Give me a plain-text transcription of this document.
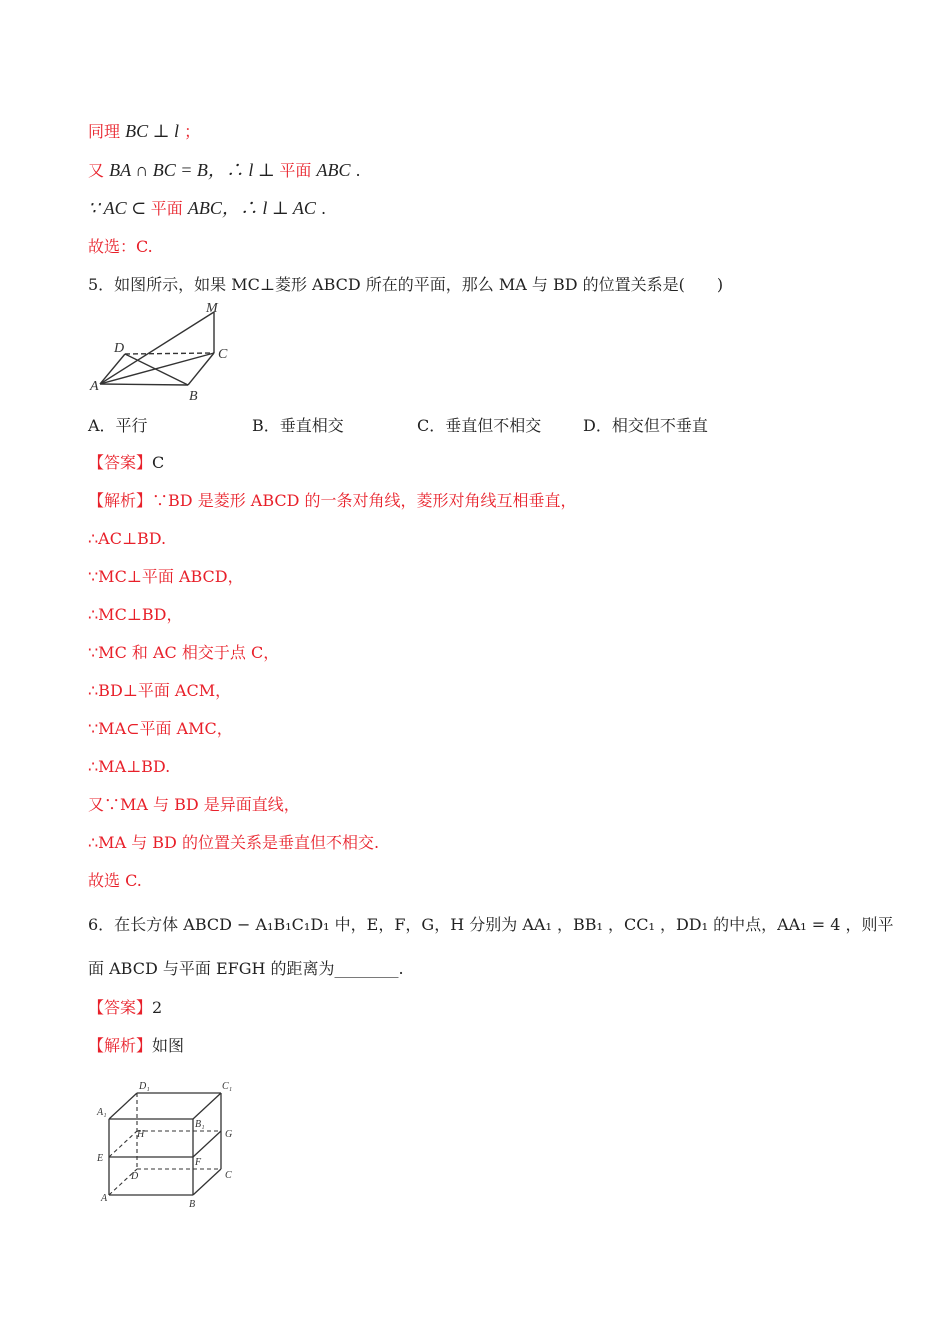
同理 BC ⊥ l ；
又 BA ∩ BC = B，∴ l ⊥ 平面 ABC .
∵ AC ⊂ 平面 ABC，∴ l ⊥ AC .
故选：C.
5．如图所示，如果 MC⊥菱形 ABCD 所在的平面，那么 MA 与 BD 的位置关系是(　　)
M
D	C
A
B
A．平行	B．垂直相交	C．垂直但不相交	D．相交但不垂直
【答案】C
【解析】∵BD 是菱形 ABCD 的一条对角线，菱形对角线互相垂直，
∴AC⊥BD.
∵MC⊥平面 ABCD，
∴MC⊥BD，
∵MC 和 AC 相交于点 C，
∴BD⊥平面 ACM，
∵MA⊂平面 AMC，
∴MA⊥BD.
又∵MA 与 BD 是异面直线，
∴MA 与 BD 的位置关系是垂直但不相交.
故选 C.
6．在长方体 ABCD − A₁B₁C₁D₁ 中，E，F，G，H 分别为 AA₁ ，BB₁ ，CC₁ ，DD₁ 的中点，AA₁ = 4 ，则平
面 ABCD 与平面 EFGH 的距离为________.
【答案】2
【解析】如图
D₁	C₁
A₁
B₁
H	G
E	F
D	C
A
B
